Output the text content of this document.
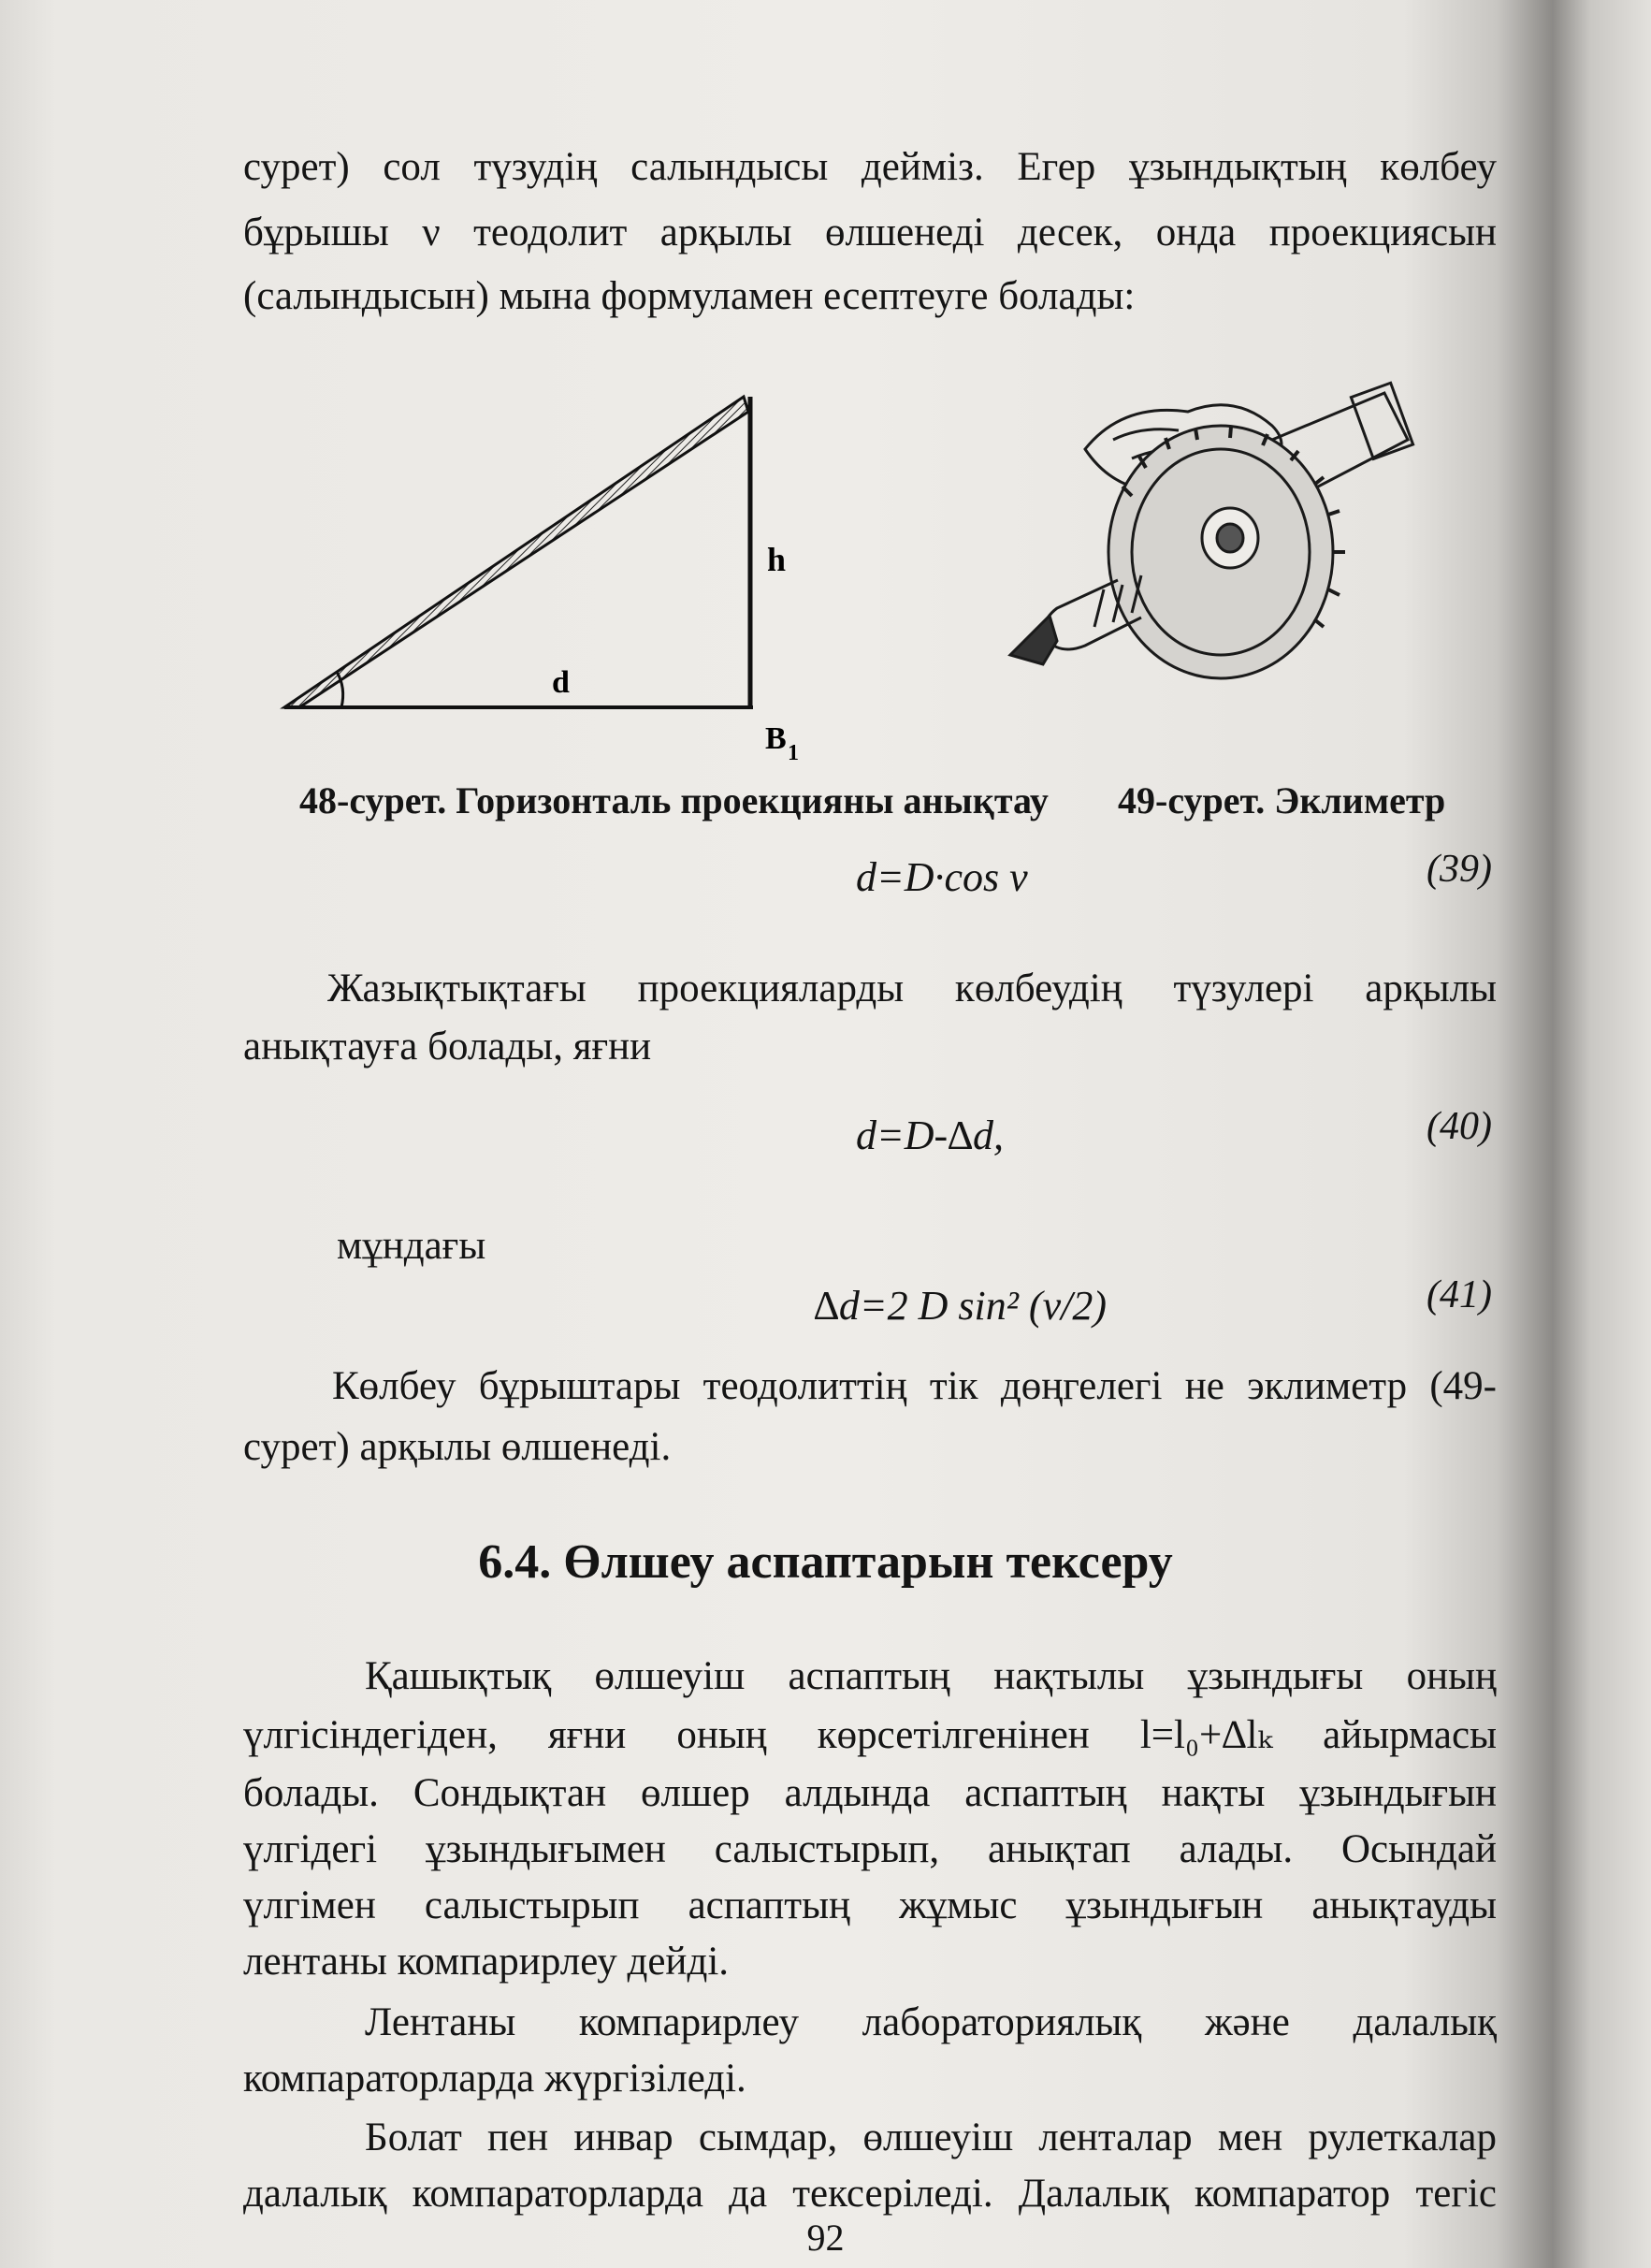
сурет) сол түзудің салындысы дейміз. Егер ұзындықтың көлбеу
бұрышы ν теодолит арқылы өлшенеді десек, онда проекциясын
(салындысын) мына формуламен есептеуге болады:
h
d
B 1
48-сурет. Горизонталь проекцияны анықтау 49-сурет. Эклиметр
d=D·cos ν	(39)
Жазықтықтағы проекцияларды көлбеудің түзулері арқылы
анықтауға болады, яғни
d=D-∆d,	(40)
мұндағы
∆d=2 D sin² (ν/2)	(41)
Көлбеу бұрыштары теодолиттің тік дөңгелегі не эклиметр (49-
сурет) арқылы өлшенеді.
6.4. Өлшеу аспаптарын тексеру
Қашықтық өлшеуіш аспаптың нақтылы ұзындығы оның
үлгісіндегіден, яғни оның көрсетілгенінен l=l₀+∆lₖ айырмасы
болады. Сондықтан өлшер алдында аспаптың нақты ұзындығын
үлгідегі ұзындығымен салыстырып, анықтап алады. Осындай
үлгімен салыстырып аспаптың жұмыс ұзындығын анықтауды
лентаны компарирлеу дейді.
Лентаны компарирлеу лабораториялық және далалық
компараторларда жүргізіледі.
Болат пен инвар сымдар, өлшеуіш ленталар мен рулеткалар
далалық компараторларда да тексеріледі. Далалық компаратор тегіс
92
